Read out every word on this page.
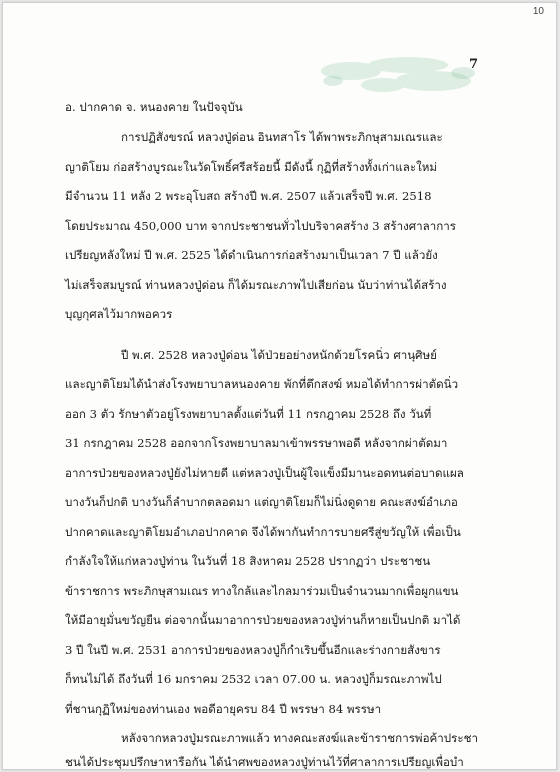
10
7
อ. ปากคาด จ. หนองคาย ในปัจจุบัน
การปฏิสังขรณ์ หลวงปู่ด่อน อินทสาโร ได้พาพระภิกษุสามเณรและ
ญาติโยม ก่อสร้างบูรณะในวัดโพธิ์ศรีสร้อยนี้ มีดังนี้ กุฏิที่สร้างทั้งเก่าและใหม่
มีจำนวน 11 หลัง 2 พระอุโบสถ สร้างปี พ.ศ. 2507 แล้วเสร็จปี พ.ศ. 2518
โดยประมาณ 450,000 บาท จากประชาชนทั่วไปบริจาคสร้าง 3 สร้างศาลาการ
เปรียญหลังใหม่ ปี พ.ศ. 2525 ได้ดำเนินการก่อสร้างมาเป็นเวลา 7 ปี แล้วยัง
ไม่เสร็จสมบูรณ์ ท่านหลวงปู่ด่อน ก็ได้มรณะภาพไปเสียก่อน นับว่าท่านได้สร้าง
บุญกุศลไว้มากพอควร
ปี พ.ศ. 2528 หลวงปู่ด่อน ได้ป่วยอย่างหนักด้วยโรคนิ่ว ศานุศิษย์
และญาติโยมได้นำส่งโรงพยาบาลหนองคาย พักที่ตึกสงฆ์ หมอได้ทำการผ่าตัดนิ่ว
ออก 3 ตัว รักษาตัวอยู่โรงพยาบาลตั้งแต่วันที่ 11 กรกฎาคม 2528 ถึง วันที่
31 กรกฎาคม 2528 ออกจากโรงพยาบาลมาเข้าพรรษาพอดี หลังจากผ่าตัดมา
อาการป่วยของหลวงปู่ยังไม่หายดี แต่หลวงปู่เป็นผู้ใจแข็งมีมานะอดทนต่อบาดแผล
บางวันก็ปกติ บางวันก็ลำบากตลอดมา แต่ญาติโยมก็ไม่นิ่งดูดาย คณะสงฆ์อำเภอ
ปากคาดและญาติโยมอำเภอปากคาด จึงได้พากันทำการบายศรีสู่ขวัญให้ เพื่อเป็น
กำลังใจให้แก่หลวงปู่ท่าน ในวันที่ 18 สิงหาคม 2528 ปรากฏว่า ประชาชน
ข้าราชการ พระภิกษุสามเณร ทางใกล้และไกลมาร่วมเป็นจำนวนมากเพื่อผูกแขน
ให้มีอายุมั่นขวัญยืน ต่อจากนั้นมาอาการป่วยของหลวงปู่ท่านก็หายเป็นปกติ มาได้
3 ปี ในปี พ.ศ. 2531 อาการป่วยของหลวงปู่ก็กำเริบขึ้นอีกและร่างกายสังขาร
ก็ทนไม่ได้ ถึงวันที่ 16 มกราคม 2532 เวลา 07.00 น. หลวงปู่ก็มรณะภาพไป
ที่ชานกุฏิใหม่ของท่านเอง พอดีอายุครบ 84 ปี พรรษา 84 พรรษา
หลังจากหลวงปู่มรณะภาพแล้ว ทางคณะสงฆ์และข้าราชการพ่อค้าประชา
ชนได้ประชุมปรึกษาหารือกัน ได้นำศพของหลวงปู่ท่านไว้ที่ศาลาการเปรียญเพื่อบำ
